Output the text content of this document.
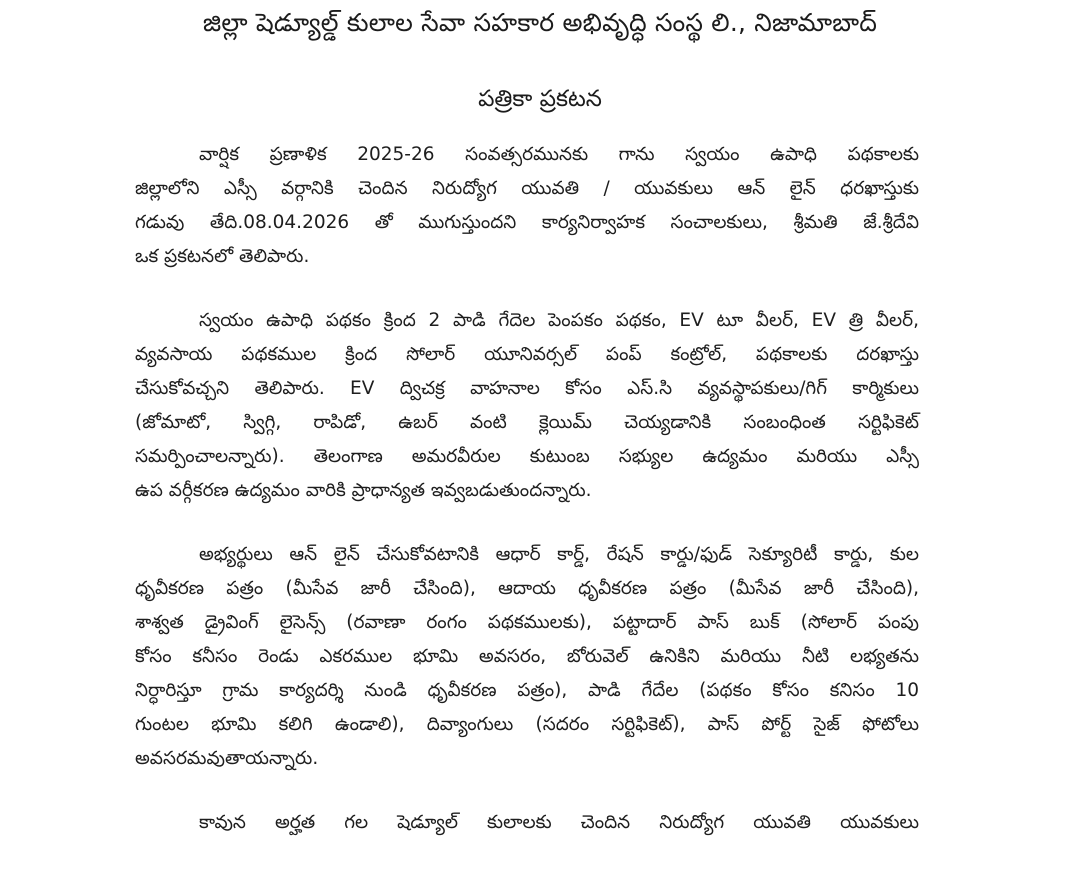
జిల్లా షెడ్యూల్డ్ కులాల సేవా సహకార అభివృద్ధి సంస్థ లి., నిజామాబాద్
పత్రికా ప్రకటన

వార్షిక ప్రణాళిక 2025-26 సంవత్సరమునకు గాను స్వయం ఉపాధి పథకాలకు
జిల్లాలోని ఎస్సీ వర్గానికి చెందిన నిరుద్యోగ యువతి / యువకులు ఆన్ లైన్ ధరఖాస్తుకు
గడువు తేది.08.04.2026 తో ముగుస్తుందని కార్యనిర్వాహక సంచాలకులు, శ్రీమతి జే.శ్రీదేవి
ఒక ప్రకటనలో తెలిపారు.

స్వయం ఉపాధి పథకం క్రింద 2 పాడి గేదెల పెంపకం పథకం, EV టూ వీలర్, EV త్రి వీలర్,
వ్యవసాయ పథకముల క్రింద సోలార్ యూనివర్సల్ పంప్ కంట్రోల్, పథకాలకు దరఖాస్తు
చేసుకోవచ్చని తెలిపారు. EV ద్విచక్ర వాహనాల కోసం ఎస్.సి వ్యవస్థాపకులు/గిగ్ కార్మికులు
(జోమాటో, స్విగ్గి, రాపిడో, ఉబర్ వంటి క్లెయిమ్ చెయ్యడానికి సంబంధింత సర్టిఫికెట్
సమర్పించాలన్నారు). తెలంగాణ అమరవీరుల కుటుంబ సభ్యుల ఉద్యమం మరియు ఎస్సీ
ఉప వర్గీకరణ ఉద్యమం వారికి ప్రాధాన్యత ఇవ్వబడుతుందన్నారు.

అభ్యర్థులు ఆన్ లైన్ చేసుకోవటానికి ఆధార్ కార్డ్, రేషన్ కార్డు/ఫుడ్ సెక్యూరిటీ కార్డు, కుల
ధృవీకరణ పత్రం (మీసేవ జారీ చేసింది), ఆదాయ ధృవీకరణ పత్రం (మీసేవ జారీ చేసింది),
శాశ్వత డ్రైవింగ్ లైసెన్స్ (రవాణా రంగం పథకములకు), పట్టాదార్ పాస్ బుక్ (సోలార్ పంపు
కోసం కనీసం రెండు ఎకరముల భూమి అవసరం, బోరువెల్ ఉనికిని మరియు నీటి లభ్యతను
నిర్ధారిస్తూ గ్రామ కార్యదర్శి నుండి ధృవీకరణ పత్రం), పాడి గేదేల (పథకం కోసం కనిసం 10
గుంటల భూమి కలిగి ఉండాలి), దివ్యాంగులు (సదరం సర్టిఫికెట్), పాస్ పోర్ట్ సైజ్ ఫోటోలు
అవసరమవుతాయన్నారు.

కావున అర్హత గల షెడ్యూల్ కులాలకు చెందిన నిరుద్యోగ యువతి యువకులు
